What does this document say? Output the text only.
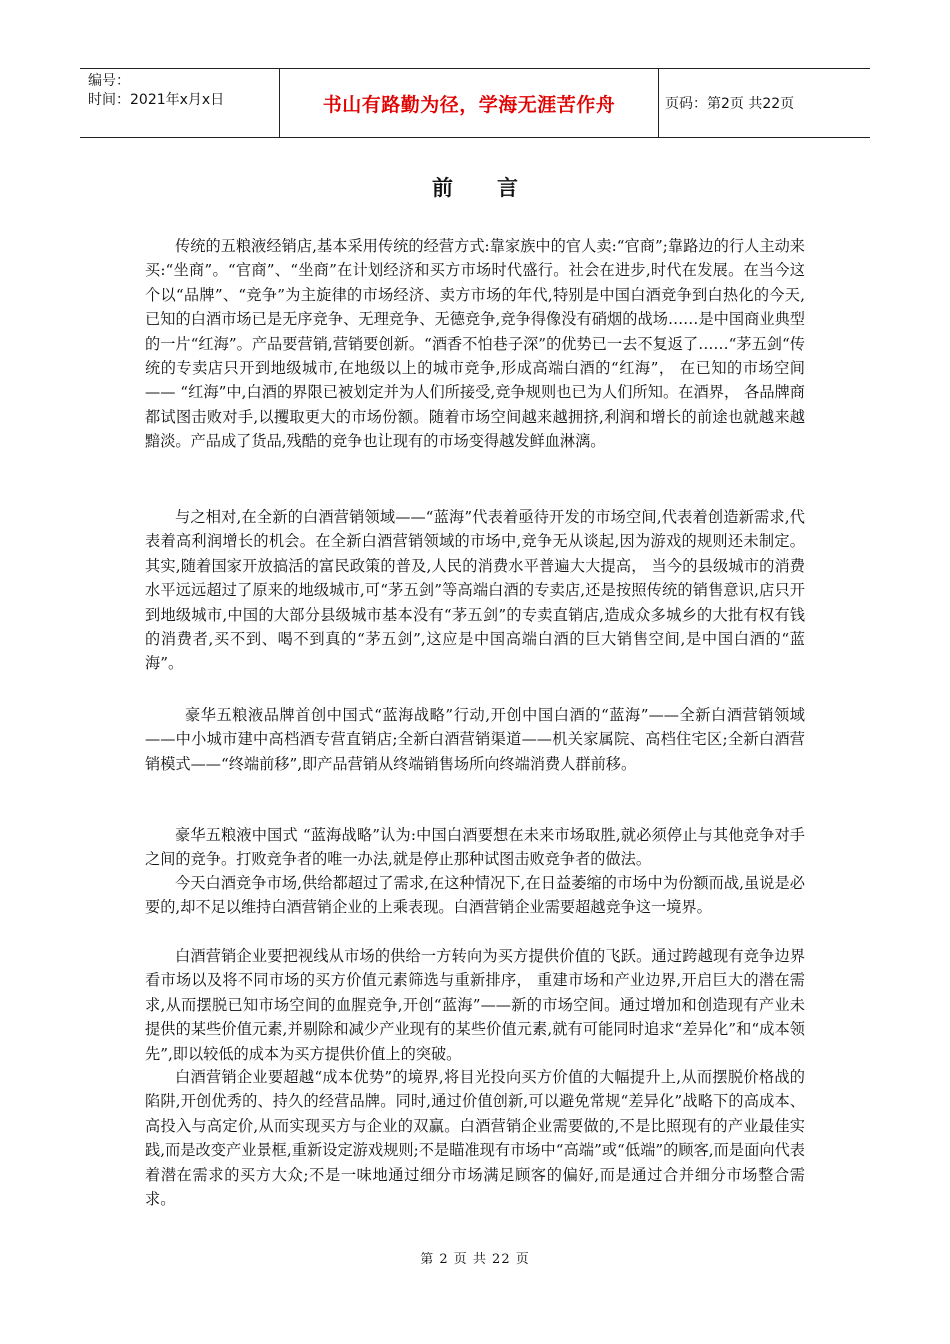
编号：
时间：2021年x月x日	书山有路勤为径，学海无涯苦作舟	页码：第2页 共22页
前言

传统的五粮液经销店,基本采用传统的经营方式:靠家族中的官人卖:“官商”;靠路边的行人主动来买:“坐商”。“官商”、“坐商”在计划经济和买方市场时代盛行。社会在进步,时代在发展。在当今这个以“品牌”、“竞争”为主旋律的市场经济、卖方市场的年代,特别是中国白酒竞争到白热化的今天,已知的白酒市场已是无序竞争、无理竞争、无德竞争,竞争得像没有硝烟的战场……是中国商业典型的一片“红海”。产品要营销,营销要创新。“酒香不怕巷子深”的优势已一去不复返了……“茅五剑“传统的专卖店只开到地级城市,在地级以上的城市竞争,形成高端白酒的“红海”， 在已知的市场空间—— “红海”中,白酒的界限已被划定并为人们所接受,竞争规则也已为人们所知。在酒界， 各品牌商都试图击败对手,以攫取更大的市场份额。随着市场空间越来越拥挤,利润和增长的前途也就越来越黯淡。产品成了货品,残酷的竞争也让现有的市场变得越发鲜血淋漓。

与之相对,在全新的白酒营销领域——“蓝海”代表着亟待开发的市场空间,代表着创造新需求,代表着高利润增长的机会。在全新白酒营销领域的市场中,竞争无从谈起,因为游戏的规则还未制定。其实,随着国家开放搞活的富民政策的普及,人民的消费水平普遍大大提高， 当今的县级城市的消费水平远远超过了原来的地级城市,可“茅五剑”等高端白酒的专卖店,还是按照传统的销售意识,店只开到地级城市,中国的大部分县级城市基本没有“茅五剑”的专卖直销店,造成众多城乡的大批有权有钱的消费者,买不到、喝不到真的“茅五剑”,这应是中国高端白酒的巨大销售空间,是中国白酒的“蓝海”。

豪华五粮液品牌首创中国式“蓝海战略”行动,开创中国白酒的“蓝海”——全新白酒营销领域——中小城市建中高档酒专营直销店;全新白酒营销渠道——机关家属院、高档住宅区;全新白酒营销模式——“终端前移”,即产品营销从终端销售场所向终端消费人群前移。

豪华五粮液中国式 “蓝海战略”认为:中国白酒要想在未来市场取胜,就必须停止与其他竞争对手之间的竞争。打败竞争者的唯一办法,就是停止那种试图击败竞争者的做法。

今天白酒竞争市场,供给都超过了需求,在这种情况下,在日益萎缩的市场中为份额而战,虽说是必要的,却不足以维持白酒营销企业的上乘表现。白酒营销企业需要超越竞争这一境界。

白酒营销企业要把视线从市场的供给一方转向为买方提供价值的飞跃。通过跨越现有竞争边界看市场以及将不同市场的买方价值元素筛选与重新排序， 重建市场和产业边界,开启巨大的潜在需求,从而摆脱已知市场空间的血腥竞争,开创“蓝海”——新的市场空间。通过增加和创造现有产业未提供的某些价值元素,并剔除和减少产业现有的某些价值元素,就有可能同时追求“差异化”和“成本领先”,即以较低的成本为买方提供价值上的突破。

白酒营销企业要超越“成本优势”的境界,将目光投向买方价值的大幅提升上,从而摆脱价格战的陷阱,开创优秀的、持久的经营品牌。同时,通过价值创新,可以避免常规“差异化”战略下的高成本、高投入与高定价,从而实现买方与企业的双赢。白酒营销企业需要做的,不是比照现有的产业最佳实践,而是改变产业景框,重新设定游戏规则;不是瞄准现有市场中“高端”或“低端”的顾客,而是面向代表着潜在需求的买方大众;不是一味地通过细分市场满足顾客的偏好,而是通过合并细分市场整合需求。

第 2 页 共 22 页
